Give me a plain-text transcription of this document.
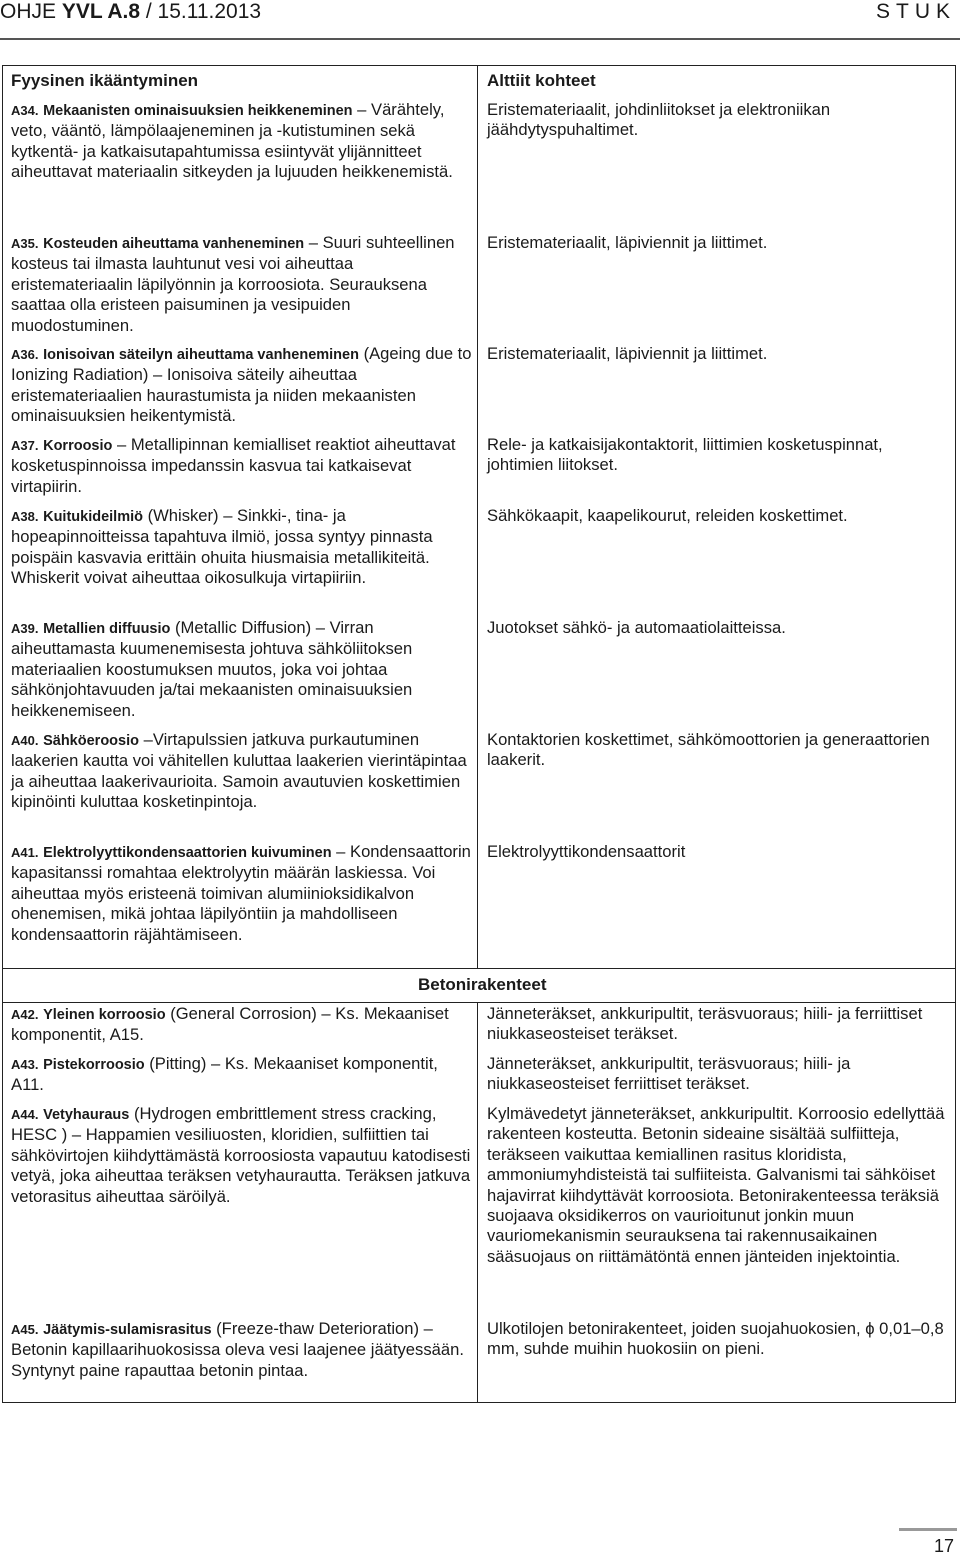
OHJE YVL A.8 / 15.11.2013	STUK
Fyysinen ikääntyminen	Alttiit kohteet
Betonirakenteet
A34. Mekaanisten ominaisuuksien heikkeneminen – Värähtely, veto, vääntö, lämpölaajeneminen ja -kutistuminen sekä kytkentä- ja katkaisutapahtumissa esiintyvät ylijännitteet aiheuttavat materiaalin sitkeyden ja lujuuden heikkenemistä.
Eristemateriaalit, johdinliitokset ja elektroniikan jäähdytyspuhaltimet.
A35. Kosteuden aiheuttama vanheneminen – Suuri suhteellinen kosteus tai ilmasta lauhtunut vesi voi aiheuttaa eristemateriaalin läpilyönnin ja korroosiota. Seurauksena saattaa olla eristeen paisuminen ja vesipuiden muodostuminen.
Eristemateriaalit, läpiviennit ja liittimet.
A36. Ionisoivan säteilyn aiheuttama vanheneminen (Ageing due to Ionizing Radiation) – Ionisoiva säteily aiheuttaa eristemateriaalien haurastumista ja niiden mekaanisten ominaisuuksien heikentymistä.
Eristemateriaalit, läpiviennit ja liittimet.
A37. Korroosio – Metallipinnan kemialliset reaktiot aiheuttavat kosketuspinnoissa impedanssin kasvua tai katkaisevat virtapiirin.
Rele- ja katkaisijakontaktorit, liittimien kosketuspinnat, johtimien liitokset.
A38. Kuitukideilmiö (Whisker) – Sinkki-, tina- ja hopeapinnoitteissa tapahtuva ilmiö, jossa syntyy pinnasta poispäin kasvavia erittäin ohuita hiusmaisia metallikiteitä. Whiskerit voivat aiheuttaa oikosulkuja virtapiiriin.
Sähkökaapit, kaapelikourut, releiden koskettimet.
A39. Metallien diffuusio (Metallic Diffusion) – Virran aiheuttamasta kuumenemisesta johtuva sähköliitoksen materiaalien koostumuksen muutos, joka voi johtaa sähkönjohtavuuden ja/tai mekaanisten ominaisuuksien heikkenemiseen.
Juotokset sähkö- ja automaatiolaitteissa.
A40. Sähköeroosio –Virtapulssien jatkuva purkautuminen laakerien kautta voi vähitellen kuluttaa laakerien vierintäpintaa ja aiheuttaa laakerivaurioita. Samoin avautuvien koskettimien kipinöinti kuluttaa kosketinpintoja.
Kontaktorien koskettimet, sähkömoottorien ja generaattorien laakerit.
A41. Elektrolyyttikondensaattorien kuivuminen – Kondensaattorin kapasitanssi romahtaa elektrolyytin määrän laskiessa. Voi aiheuttaa myös eristeenä toimivan alumiinioksidikalvon ohenemisen, mikä johtaa läpilyöntiin ja mahdolliseen kondensaattorin räjähtämiseen.
Elektrolyyttikondensaattorit
A42. Yleinen korroosio (General Corrosion) – Ks. Mekaaniset komponentit, A15.
Jänneteräkset, ankkuripultit, teräsvuoraus; hiili- ja ferriittiset niukkaseosteiset teräkset.
A43. Pistekorroosio (Pitting) – Ks. Mekaaniset komponentit, A11.
Jänneteräkset, ankkuripultit, teräsvuoraus; hiili- ja niukkaseosteiset ferriittiset teräkset.
A44. Vetyhauraus (Hydrogen embrittlement stress cracking, HESC ) – Happamien vesiliuosten, kloridien, sulfiittien tai sähkövirtojen kiihdyttämästä korroosiosta vapautuu katodisesti vetyä, joka aiheuttaa teräksen vetyhaurautta. Teräksen jatkuva vetorasitus aiheuttaa säröilyä.
Kylmävedetyt jänneteräkset, ankkuripultit. Korroosio edellyttää rakenteen kosteutta. Betonin sideaine sisältää sulfiitteja, teräkseen vaikuttaa kemiallinen rasitus kloridista, ammoniumyhdisteistä tai sulfiiteista. Galvanismi tai sähköiset hajavirrat kiihdyttävät korroosiota. Betonirakenteessa teräksiä suojaava oksidikerros on vaurioitunut jonkin muun vauriomekanismin seurauksena tai rakennusaikainen sääsuojaus on riittämätöntä ennen jänteiden injektointia.
A45. Jäätymis-sulamisrasitus (Freeze-thaw Deterioration) – Betonin kapillaarihuokosissa oleva vesi laajenee jäätyessään. Syntynyt paine rapauttaa betonin pintaa.
Ulkotilojen betonirakenteet, joiden suojahuokosien, ϕ 0,01–0,8 mm, suhde muihin huokosiin on pieni.
17
